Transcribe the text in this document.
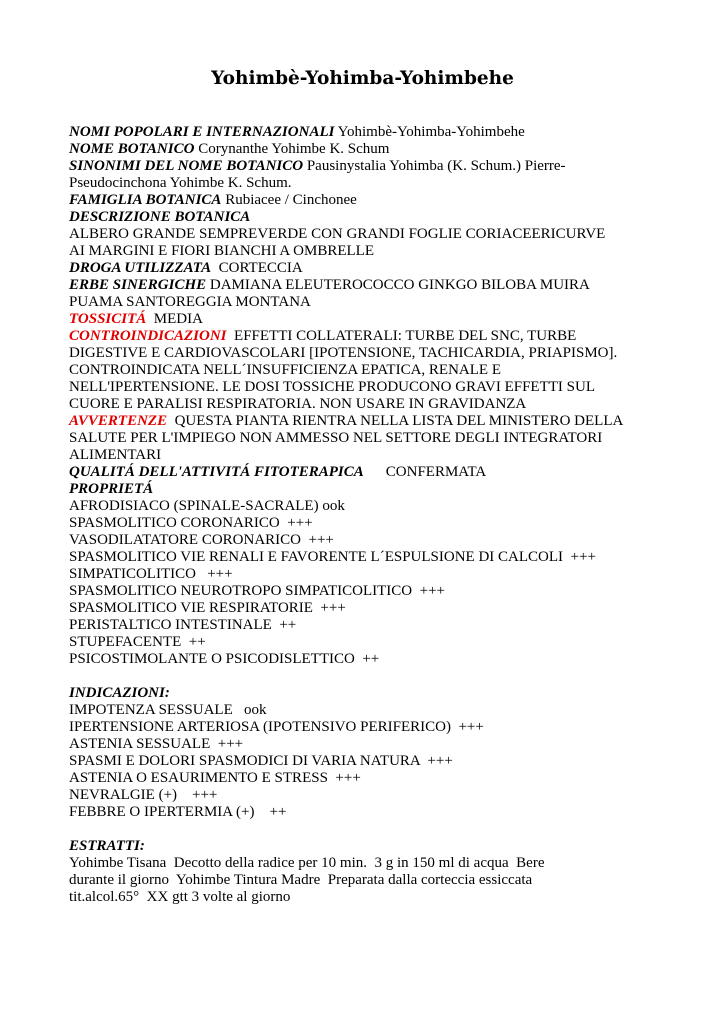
Yohimbè-Yohimba-Yohimbehe
NOMI POPOLARI E INTERNAZIONALI Yohimbè-Yohimba-Yohimbehe
NOME BOTANICO Corynanthe Yohimbe K. Schum
SINONIMI DEL NOME BOTANICO Pausinystalia Yohimba (K. Schum.) Pierre-
Pseudocinchona Yohimbe K. Schum.
FAMIGLIA BOTANICA Rubiacee / Cinchonee
DESCRIZIONE BOTANICA
ALBERO GRANDE SEMPREVERDE CON GRANDI FOGLIE CORIACEERICURVE
AI MARGINI E FIORI BIANCHI A OMBRELLE
DROGA UTILIZZATA  CORTECCIA
ERBE SINERGICHE DAMIANA ELEUTEROCOCCO GINKGO BILOBA MUIRA
PUAMA SANTOREGGIA MONTANA
TOSSICITÁ  MEDIA
CONTROINDICAZIONI  EFFETTI COLLATERALI: TURBE DEL SNC, TURBE
DIGESTIVE E CARDIOVASCOLARI [IPOTENSIONE, TACHICARDIA, PRIAPISMO].
CONTROINDICATA NELL´INSUFFICIENZA EPATICA, RENALE E
NELL'IPERTENSIONE. LE DOSI TOSSICHE PRODUCONO GRAVI EFFETTI SUL
CUORE E PARALISI RESPIRATORIA. NON USARE IN GRAVIDANZA
AVVERTENZE  QUESTA PIANTA RIENTRA NELLA LISTA DEL MINISTERO DELLA
SALUTE PER L'IMPIEGO NON AMMESSO NEL SETTORE DEGLI INTEGRATORI
ALIMENTARI
QUALITÁ DELL'ATTIVITÁ FITOTERAPICA CONFERMATA
PROPRIETÁ
AFRODISIACO (SPINALE-SACRALE) ook
SPASMOLITICO CORONARICO  +++
VASODILATATORE CORONARICO  +++
SPASMOLITICO VIE RENALI E FAVORENTE L´ESPULSIONE DI CALCOLI  +++
SIMPATICOLITICO   +++
SPASMOLITICO NEUROTROPO SIMPATICOLITICO  +++
SPASMOLITICO VIE RESPIRATORIE  +++
PERISTALTICO INTESTINALE  ++
STUPEFACENTE  ++
PSICOSTIMOLANTE O PSICODISLETTICO  ++
INDICAZIONI:
IMPOTENZA SESSUALE   ook
IPERTENSIONE ARTERIOSA (IPOTENSIVO PERIFERICO)  +++
ASTENIA SESSUALE  +++
SPASMI E DOLORI SPASMODICI DI VARIA NATURA  +++
ASTENIA O ESAURIMENTO E STRESS  +++
NEVRALGIE (+)    +++
FEBBRE O IPERTERMIA (+)    ++
ESTRATTI:
Yohimbe Tisana  Decotto della radice per 10 min.  3 g in 150 ml di acqua  Bere
durante il giorno  Yohimbe Tintura Madre  Preparata dalla corteccia essiccata
tit.alcol.65°  XX gtt 3 volte al giorno
